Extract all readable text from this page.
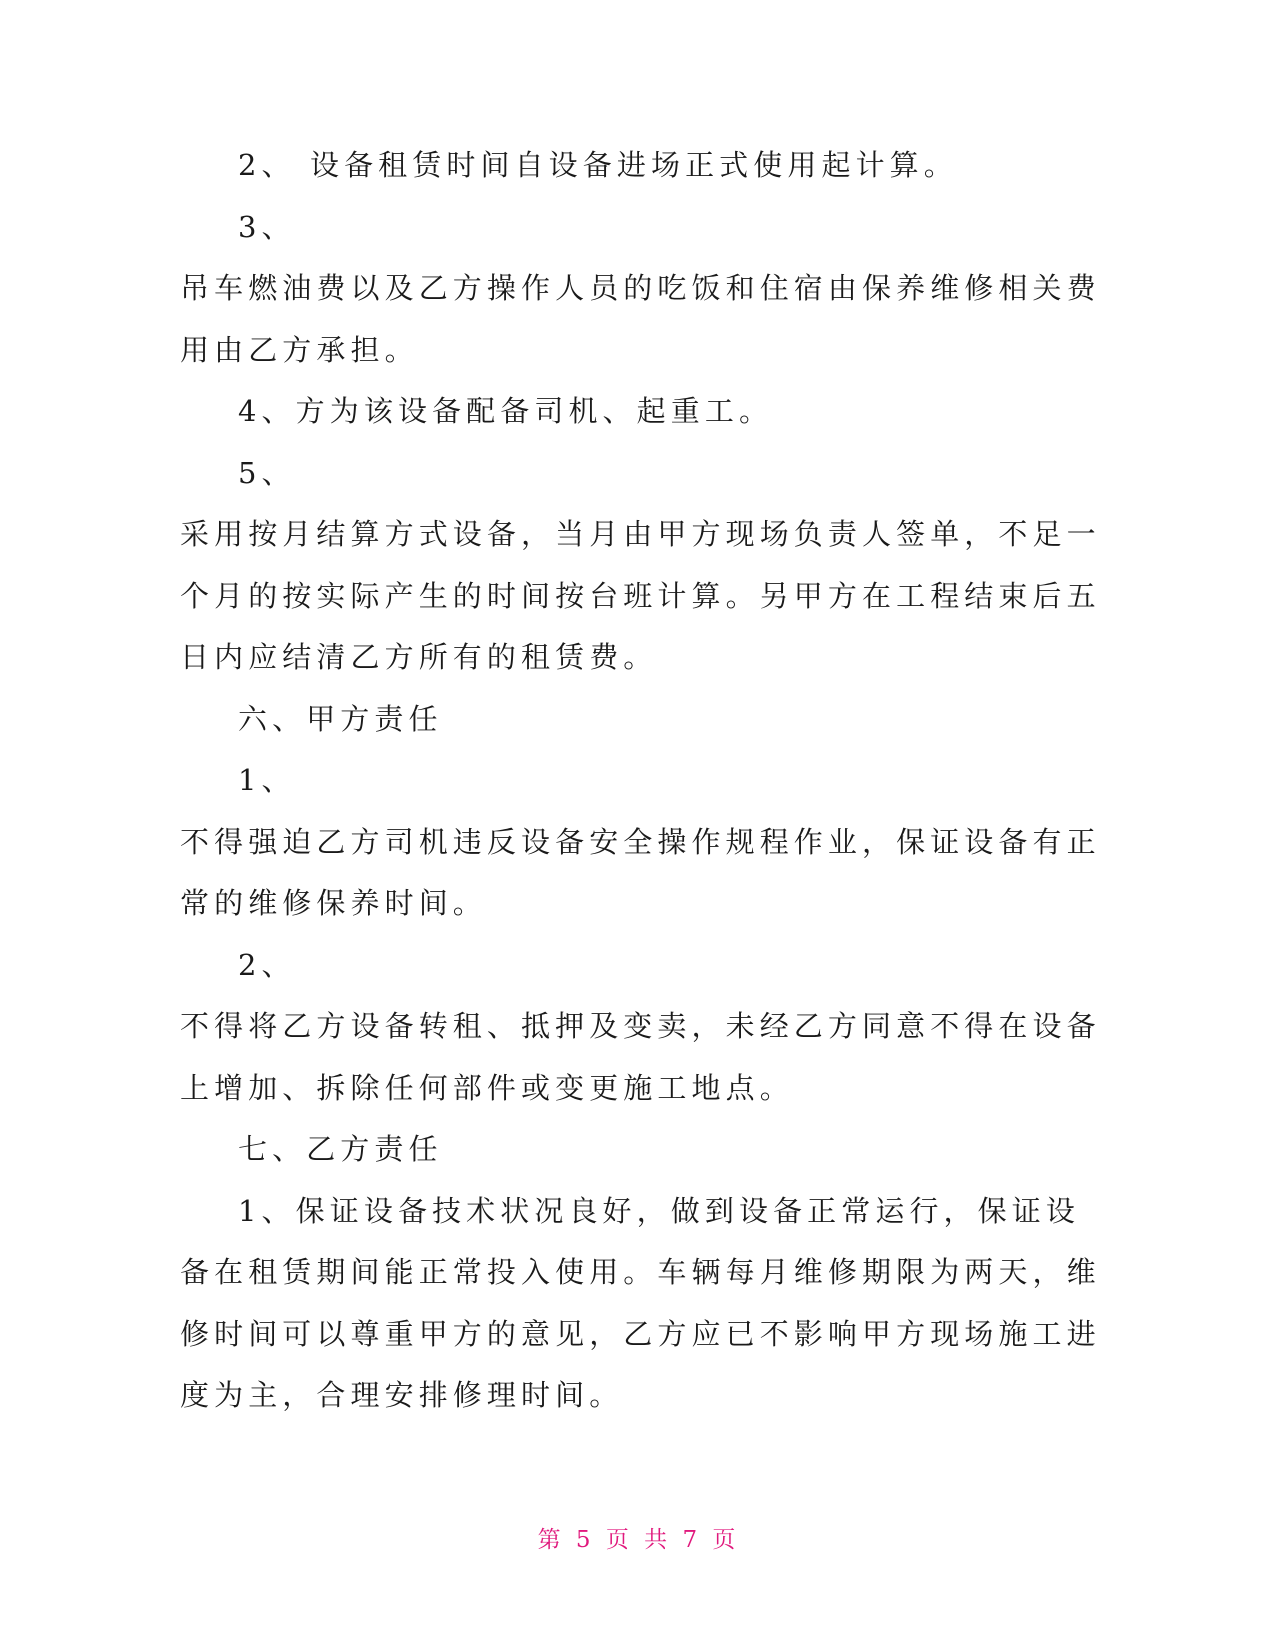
2、 设备租赁时间自设备进场正式使用起计算。
3、
吊车燃油费以及乙方操作人员的吃饭和住宿由保养维修相关费
用由乙方承担。
4、方为该设备配备司机、起重工。
5、
采用按月结算方式设备，当月由甲方现场负责人签单，不足一
个月的按实际产生的时间按台班计算。另甲方在工程结束后五
日内应结清乙方所有的租赁费。
六、甲方责任
1、
不得强迫乙方司机违反设备安全操作规程作业，保证设备有正
常的维修保养时间。
2、
不得将乙方设备转租、抵押及变卖，未经乙方同意不得在设备
上增加、拆除任何部件或变更施工地点。
七、乙方责任
1、保证设备技术状况良好，做到设备正常运行，保证设
备在租赁期间能正常投入使用。车辆每月维修期限为两天，维
修时间可以尊重甲方的意见，乙方应已不影响甲方现场施工进
度为主，合理安排修理时间。
第 5 页 共 7 页
